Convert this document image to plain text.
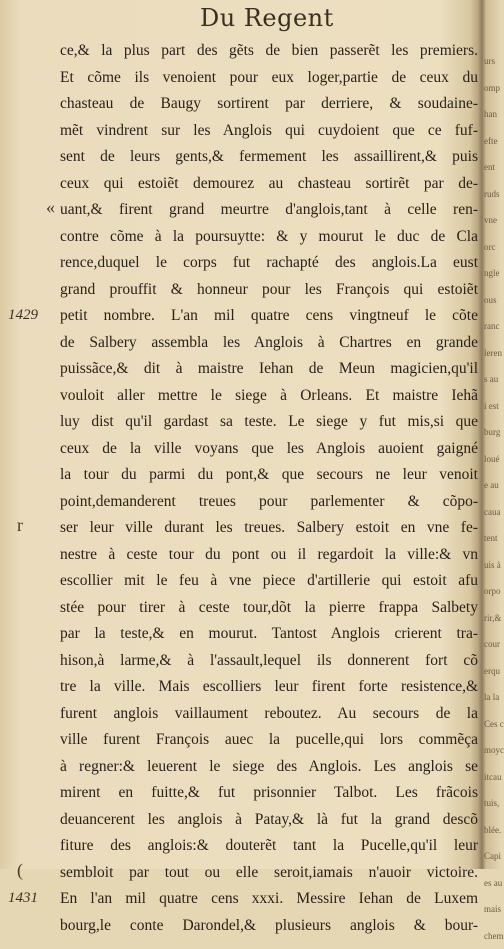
Du Regent
ce,& la plus part des gẽts de bien passerẽt les premiers.
Et cõme ils venoient pour eux loger,partie de ceux du
chasteau de Baugy sortirent par derriere, & soudaine-
mẽt vindrent sur les Anglois qui cuydoient que ce fuf-
sent de leurs gents,& fermement les assaillirent,& puis
ceux qui estoiẽt demourez au chasteau sortirẽt par de-
uant,& firent grand meurtre d'anglois,tant à celle ren-
contre cõme à la poursuytte: & y mourut le duc de Cla
rence,duquel le corps fut rachapté des anglois.La eust
grand prouffit & honneur pour les François qui estoiẽt
petit nombre. L'an mil quatre cens vingtneuf le cõte
de Salbery assembla les Anglois à Chartres en grande
puissãce,& dit à maistre Iehan de Meun magicien,qu'il
vouloit aller mettre le siege à Orleans. Et maistre Iehã
luy dist qu'il gardast sa teste. Le siege y fut mis,si que
ceux de la ville voyans que les Anglois auoient gaigné
la tour du parmi du pont,& que secours ne leur venoit
point,demanderent treues pour parlementer & cõpo-
ser leur ville durant les treues. Salbery estoit en vne fe-
nestre à ceste tour du pont ou il regardoit la ville:& vn
escollier mit le feu à vne piece d'artillerie qui estoit afu
stée pour tirer à ceste tour,dõt la pierre frappa Salbety
par la teste,& en mourut. Tantost Anglois crierent tra-
hison,à larme,& à l'assault,lequel ils donnerent fort cõ
tre la ville. Mais escolliers leur firent forte resistence,&
furent anglois vaillaument reboutez. Au secours de la
ville furent François auec la pucelle,qui lors commẽça
à regner:& leuerent le siege des Anglois. Les anglois se
mirent en fuitte,& fut prisonnier Talbot. Les frãcois
deuancerent les anglois à Patay,& là fut la grand descõ
fiture des anglois:& douterẽt tant la Pucelle,qu'il leur
sembloit par tout ou elle seroit,iamais n'auoir victoire.
En l'an mil quatre cens xxxi. Messire Iehan de Luxem
bourg,le conte Darondel,& plusieurs anglois & bour-
1429
1431
«
r
(
urs
omp
han
efte
ent
ruds
vne
orc
ngle
ous
ranc
leren
s au
i est
burg
loué
e au
caua
tent
uis à
orpo
rir,&
cour
erqu
la la
Ces c
moyc
itcau
tuis,
blée.
Capi
es au
mais
chem
